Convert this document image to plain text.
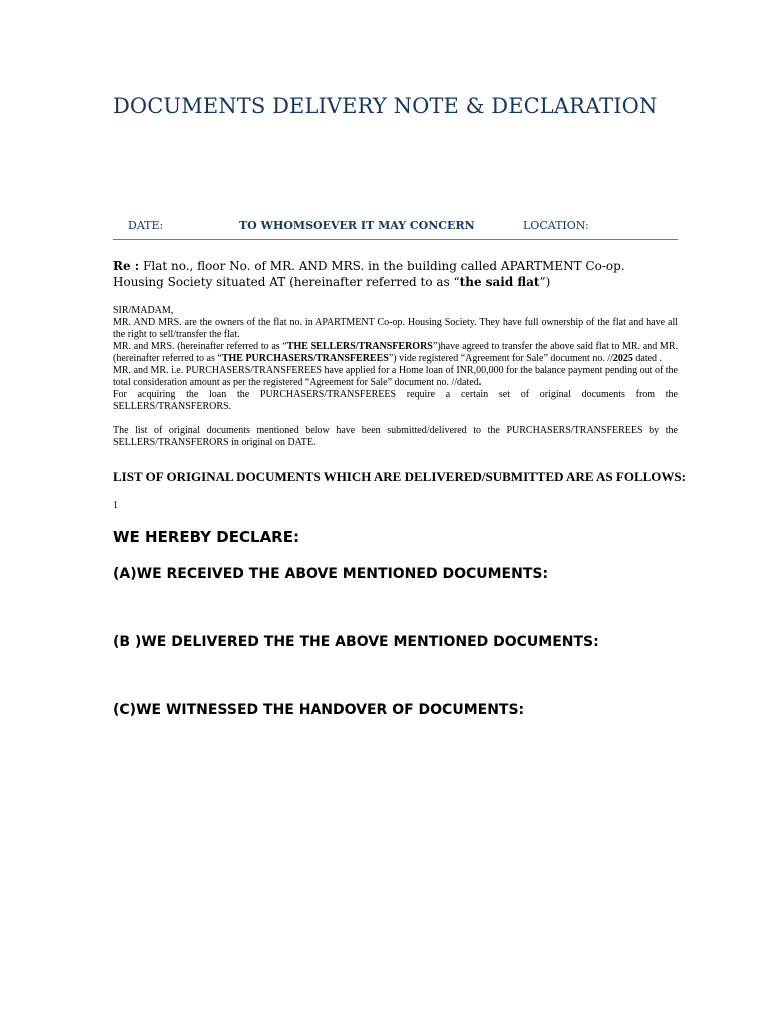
DOCUMENTS DELIVERY NOTE & DECLARATION
DATE:	TO WHOMSOEVER IT MAY CONCERN	LOCATION:

Re : Flat no., floor No. of MR. AND MRS. in the building called APARTMENT Co-op. Housing Society situated AT (hereinafter referred to as “the said flat”)

SIR/MADAM,

MR. AND MRS. are the owners of the flat no. in APARTMENT Co-op. Housing Society. They have full ownership of the flat and have all the right to sell/transfer the flat.

MR. and MRS. (hereinafter referred to as “THE SELLERS/TRANSFERORS”)have agreed to transfer the above said flat to MR. and MR. (hereinafter referred to as “THE PURCHASERS/TRANSFEREES”) vide registered “Agreement for Sale” document no. //2025 dated .

MR. and MR. i.e. PURCHASERS/TRANSFEREES have applied for a Home loan of INR,00,000 for the balance payment pending out of the total consideration amount as per the registered “Agreement for Sale” document no. //dated.

For acquiring the loan the PURCHASERS/TRANSFEREES require a certain set of original documents from the SELLERS/TRANSFERORS.

The list of original documents mentioned below have been submitted/delivered to the PURCHASERS/TRANSFEREES by the SELLERS/TRANSFERORS in original on DATE.

LIST OF ORIGINAL DOCUMENTS WHICH ARE DELIVERED/SUBMITTED ARE AS FOLLOWS:
1
WE HEREBY DECLARE:
(A)WE RECEIVED THE ABOVE MENTIONED DOCUMENTS:
(B )WE DELIVERED THE THE ABOVE MENTIONED DOCUMENTS:
(C)WE WITNESSED THE HANDOVER OF DOCUMENTS:
